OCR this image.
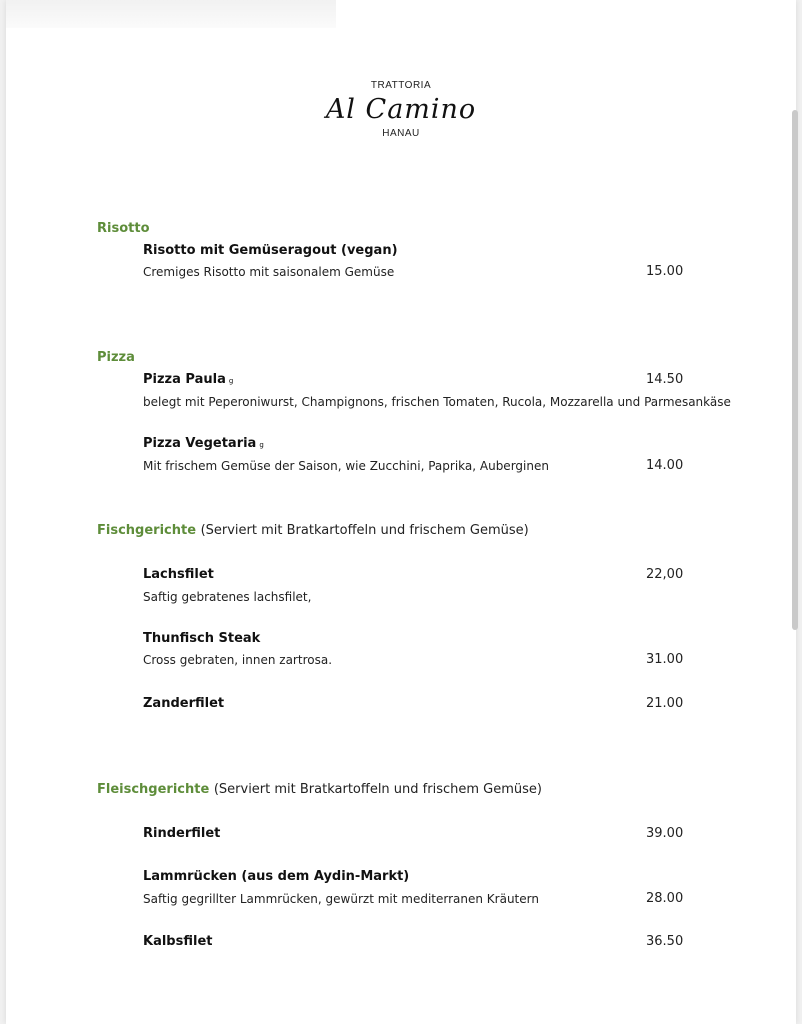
TRATTORIA
Al Camino
HANAU
Risotto
Risotto mit Gemüseragout (vegan)
Cremiges Risotto mit saisonalem Gemüse	15.00
Pizza
Pizza Paula g	14.50
belegt mit Peperoniwurst, Champignons, frischen Tomaten, Rucola, Mozzarella und Parmesankäse
Pizza Vegetaria g
Mit frischem Gemüse der Saison, wie Zucchini, Paprika, Auberginen	14.00
Fischgerichte (Serviert mit Bratkartoffeln und frischem Gemüse)
Lachsfilet	22,00
Saftig gebratenes lachsfilet,
Thunfisch Steak
Cross gebraten, innen zartrosa.	31.00
Zanderfilet	21.00
Fleischgerichte (Serviert mit Bratkartoffeln und frischem Gemüse)
Rinderfilet	39.00
Lammrücken (aus dem Aydin-Markt)
Saftig gegrillter Lammrücken, gewürzt mit mediterranen Kräutern	28.00
Kalbsfilet	36.50
